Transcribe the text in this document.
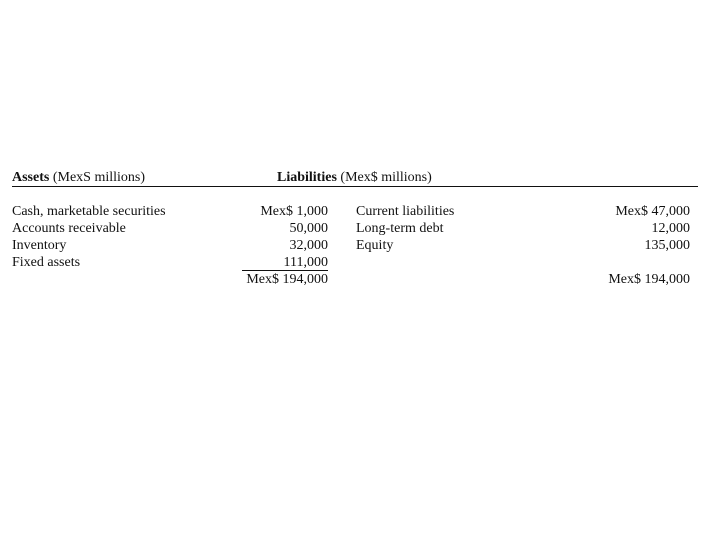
Assets (MexS millions)	Liabilities (Mex$ millions)
Cash, marketable securities
Accounts receivable
Inventory
Fixed assets
Mex$ 1,000
50,000
32,000
111,000
Mex$ 194,000
Current liabilities
Long-term debt
Equity
Mex$ 47,000
12,000
135,000
Mex$ 194,000
